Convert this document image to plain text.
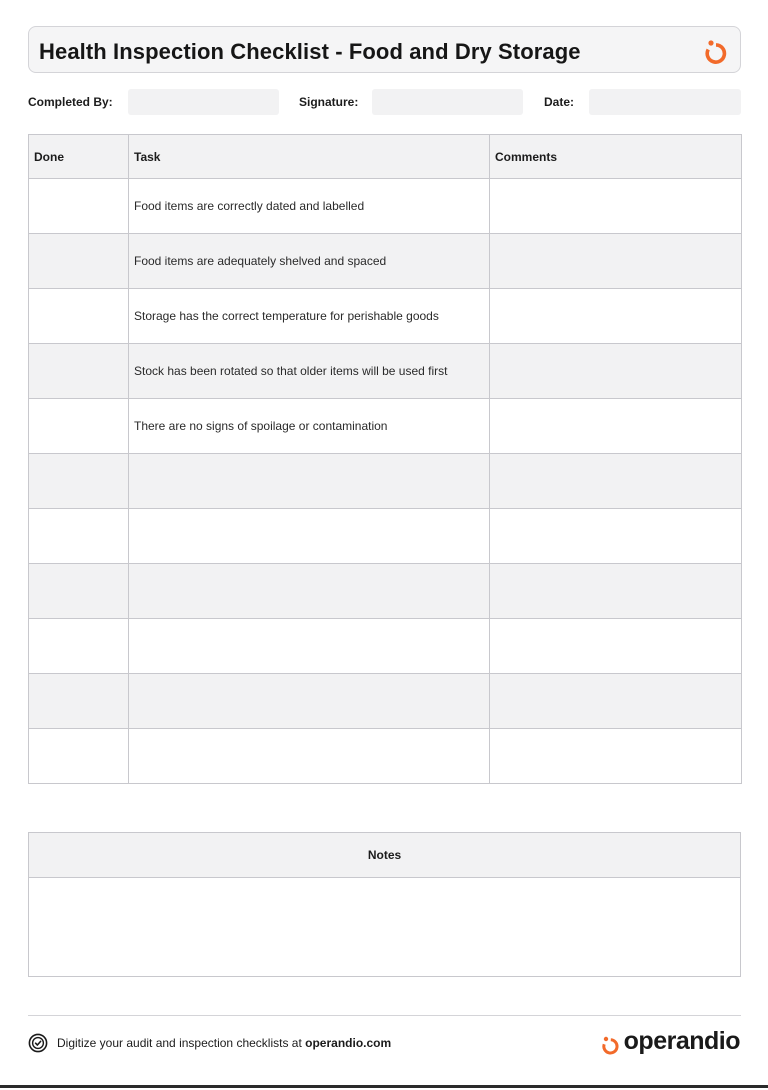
Health Inspection Checklist - Food and Dry Storage
Completed By:	Signature:	Date:
Done	Task	Comments
	Food items are correctly dated and labelled	
	Food items are adequately shelved and spaced	
	Storage has the correct temperature for perishable goods	
	Stock has been rotated so that older items will be used first	
	There are no signs of spoilage or contamination	

Notes
Digitize your audit and inspection checklists at operandio.com	operandio
